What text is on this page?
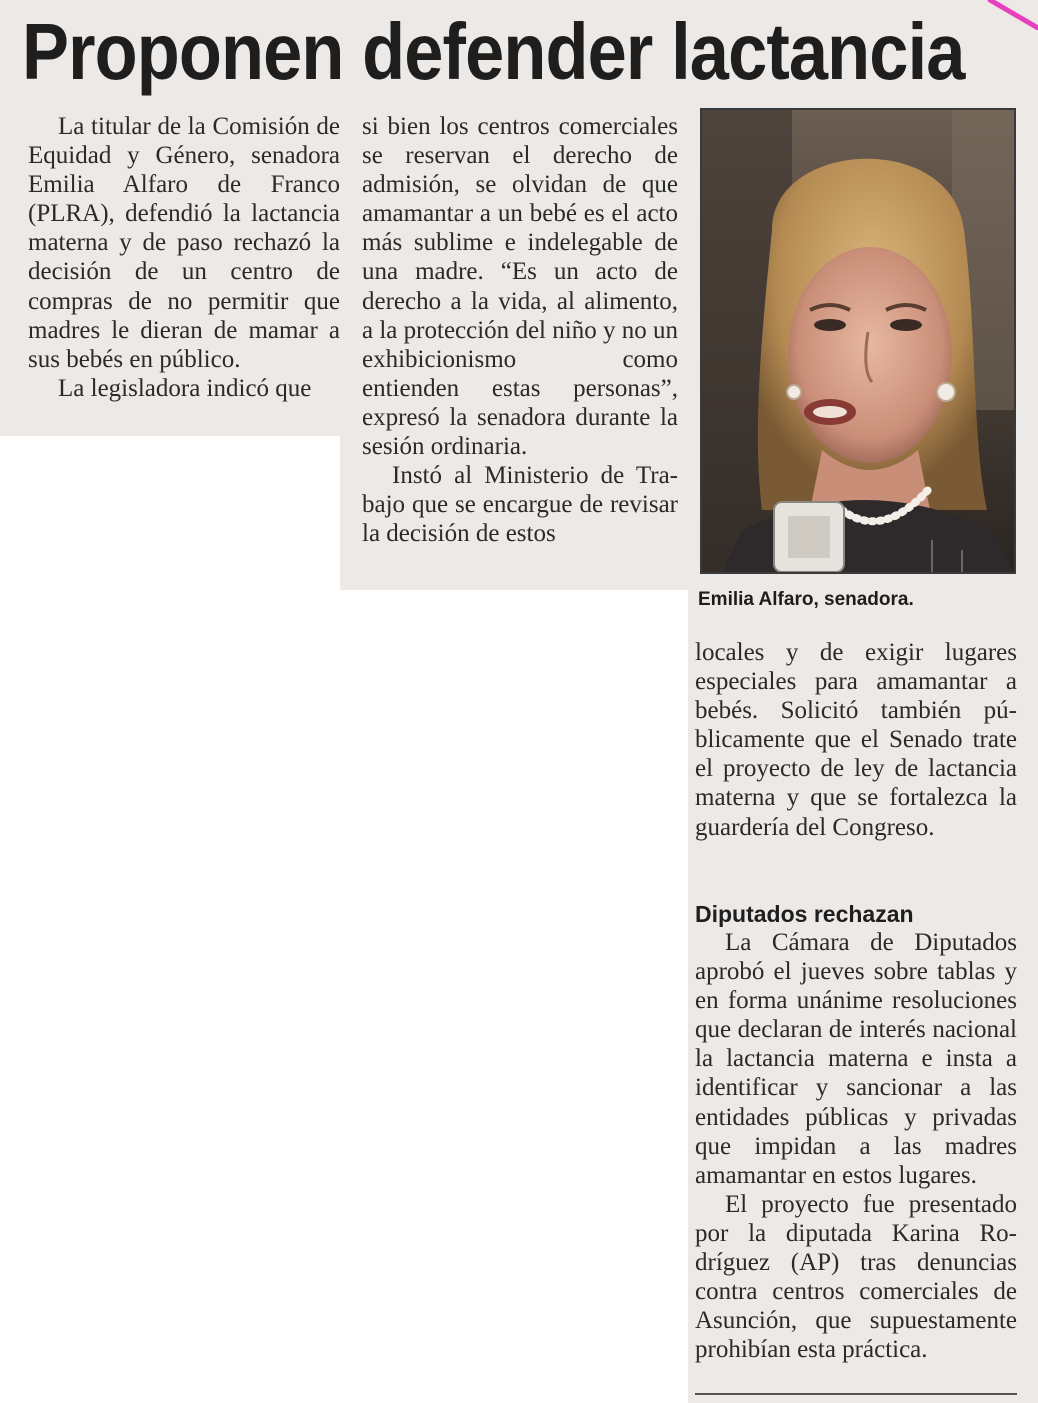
Proponen defender lactancia

La titular de la Comisión de Equidad y Género, senadora Emilia Alfaro de Franco (PLRA), defendió la lactancia materna y de paso rechazó la decisión de un centro de compras de no permitir que madres le dieran de mamar a sus bebés en público.

La legisladora indicó que

si bien los centros comerciales se reservan el derecho de admisión, se olvidan de que amamantar a un bebé es el acto más sublime e indelegable de una madre. “Es un acto de derecho a la vida, al alimento, a la protección del niño y no un exhibicionismo como entienden estas personas”, expresó la senadora durante la sesión ordinaria.

Instó al Ministerio de Trabajo que se encargue de revisar la decisión de estos

Emilia Alfaro, senadora.

locales y de exigir lugares especiales para amamantar a bebés. Solicitó también públicamente que el Senado trate el proyecto de ley de lactancia materna y que se fortalezca la guardería del Congreso.

Diputados rechazan

La Cámara de Diputados aprobó el jueves sobre tablas y en forma unánime resoluciones que declaran de interés nacional la lactancia materna e insta a identificar y sancionar a las entidades públicas y privadas que impidan a las madres amamantar en estos lugares.

El proyecto fue presentado por la diputada Karina Rodríguez (AP) tras denuncias contra centros comerciales de Asunción, que supuestamente prohibían esta práctica.
